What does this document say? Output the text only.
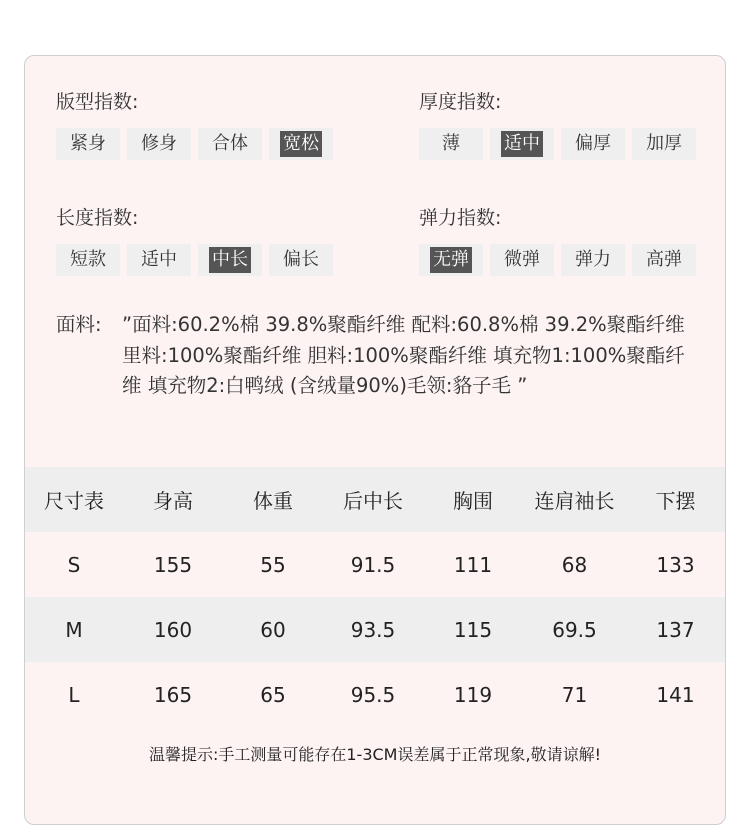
版型指数:
紧身 修身 合体 宽松
厚度指数:
薄 适中 偏厚 加厚
长度指数:
短款 适中 中长 偏长
弹力指数:
无弹 微弹 弹力 高弹
面料:	”面料:60.2%棉 39.8%聚酯纤维 配料:60.8%棉 39.2%聚酯纤维 里料:100%聚酯纤维 胆料:100%聚酯纤维 填充物1:100%聚酯纤维 填充物2:白鸭绒 (含绒量90%)毛领:貉子毛 ”
尺寸表	身高	体重	后中长	胸围	连肩袖长	下摆
S	155	55	91.5	111	68	133
M	160	60	93.5	115	69.5	137
L	165	65	95.5	119	71	141
温馨提示:手工测量可能存在1-3CM误差属于正常现象,敬请谅解!
